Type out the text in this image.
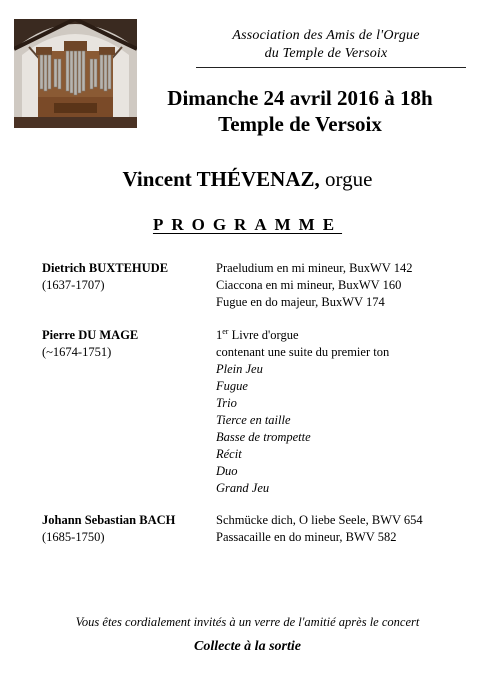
Association des Amis de l'Orgue
du Temple de Versoix
Dimanche 24 avril 2016 à 18h
Temple de Versoix
Vincent THÉVENAZ, orgue
PROGRAMME
Dietrich BUXTEHUDE
(1637-1707)
Praeludium en mi mineur, BuxWV 142
Ciaccona en mi mineur, BuxWV 160
Fugue en do majeur, BuxWV 174
Pierre DU MAGE
(~1674-1751)
1er Livre d'orgue
contenant une suite du premier ton
Plein Jeu
Fugue
Trio
Tierce en taille
Basse de trompette
Récit
Duo
Grand Jeu
Johann Sebastian BACH
(1685-1750)
Schmücke dich, O liebe Seele, BWV 654
Passacaille en do mineur, BWV 582
Vous êtes cordialement invités à un verre de l'amitié après le concert
Collecte à la sortie
